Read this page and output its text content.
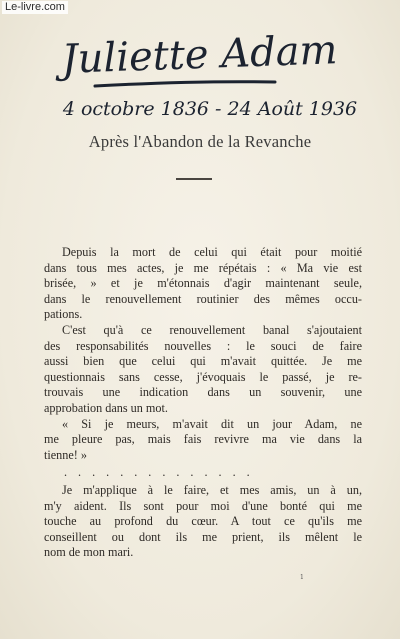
Le-livre.com
Juliette Adam
4 octobre 1836 - 24 Août 1936
Après l'Abandon de la Revanche
Depuis la mort de celui qui était pour moitié
dans tous mes actes, je me répétais : « Ma vie est
brisée, » et je m'étonnais d'agir maintenant seule,
dans le renouvellement routinier des mêmes occu-
pations.
C'est qu'à ce renouvellement banal s'ajoutaient
des responsabilités nouvelles : le souci de faire
aussi bien que celui qui m'avait quittée. Je me
questionnais sans cesse, j'évoquais le passé, je re-
trouvais une indication dans un souvenir, une
approbation dans un mot.
« Si je meurs, m'avait dit un jour Adam, ne
me pleure pas, mais fais revivre ma vie dans la
tienne! »
..............
Je m'applique à le faire, et mes amis, un à un,
m'y aident. Ils sont pour moi d'une bonté qui me
touche au profond du cœur. A tout ce qu'ils me
conseillent ou dont ils me prient, ils mêlent le
nom de mon mari.
1
